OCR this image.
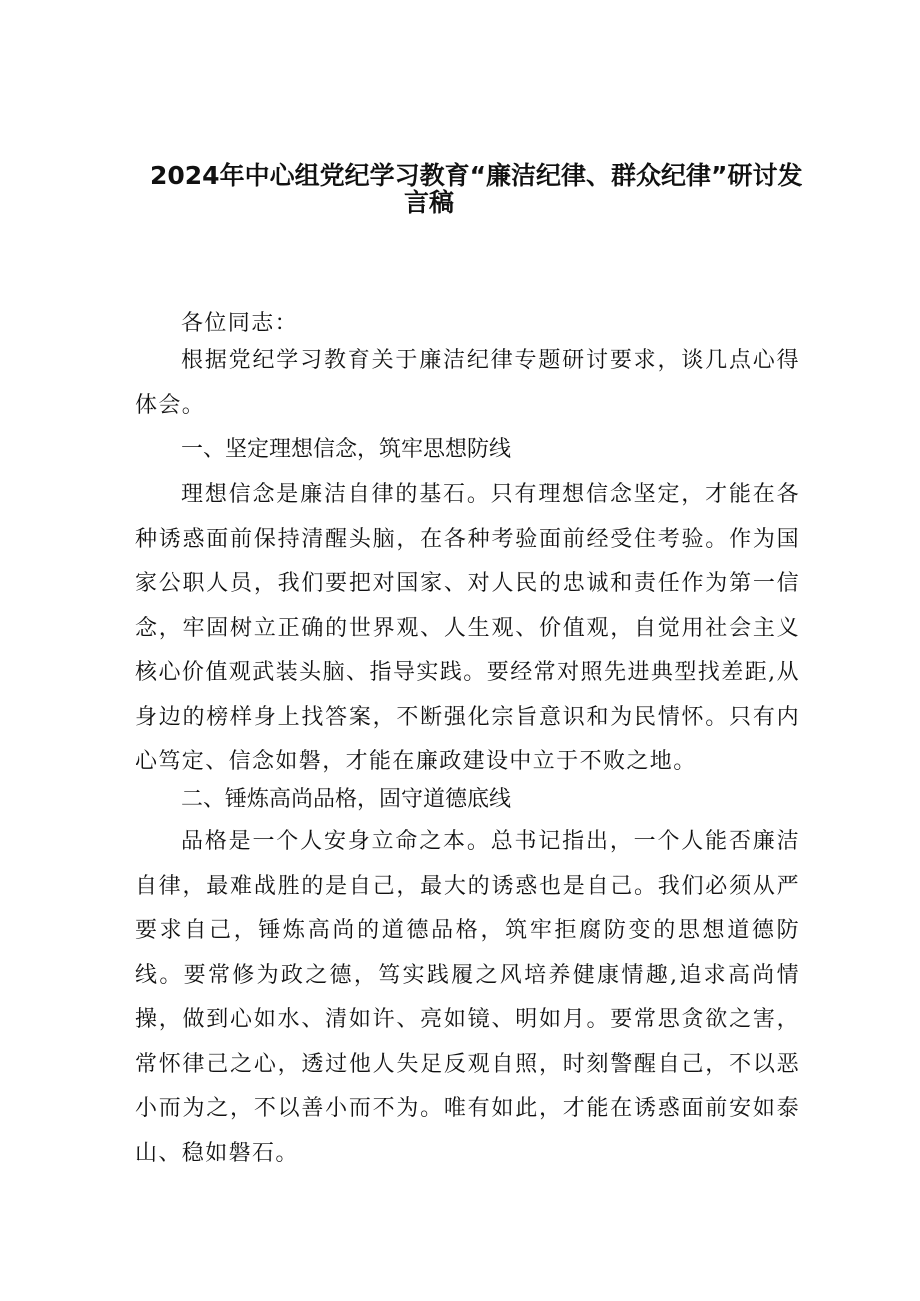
2024年中心组党纪学习教育“廉洁纪律、群众纪律”研讨发
言稿

各位同志：

根据党纪学习教育关于廉洁纪律专题研讨要求，谈几点心得体会。

一、坚定理想信念，筑牢思想防线

理想信念是廉洁自律的基石。只有理想信念坚定，才能在各种诱惑面前保持清醒头脑，在各种考验面前经受住考验。作为国家公职人员，我们要把对国家、对人民的忠诚和责任作为第一信念，牢固树立正确的世界观、人生观、价值观，自觉用社会主义核心价值观武装头脑、指导实践。要经常对照先进典型找差距,从身边的榜样身上找答案，不断强化宗旨意识和为民情怀。只有内心笃定、信念如磐，才能在廉政建设中立于不败之地。

二、锤炼高尚品格，固守道德底线

品格是一个人安身立命之本。总书记指出，一个人能否廉洁自律，最难战胜的是自己，最大的诱惑也是自己。我们必须从严要求自己，锤炼高尚的道德品格，筑牢拒腐防变的思想道德防线。要常修为政之德，笃实践履之风培养健康情趣,追求高尚情操，做到心如水、清如许、亮如镜、明如月。要常思贪欲之害，常怀律己之心，透过他人失足反观自照，时刻警醒自己，不以恶小而为之，不以善小而不为。唯有如此，才能在诱惑面前安如泰山、稳如磐石。
